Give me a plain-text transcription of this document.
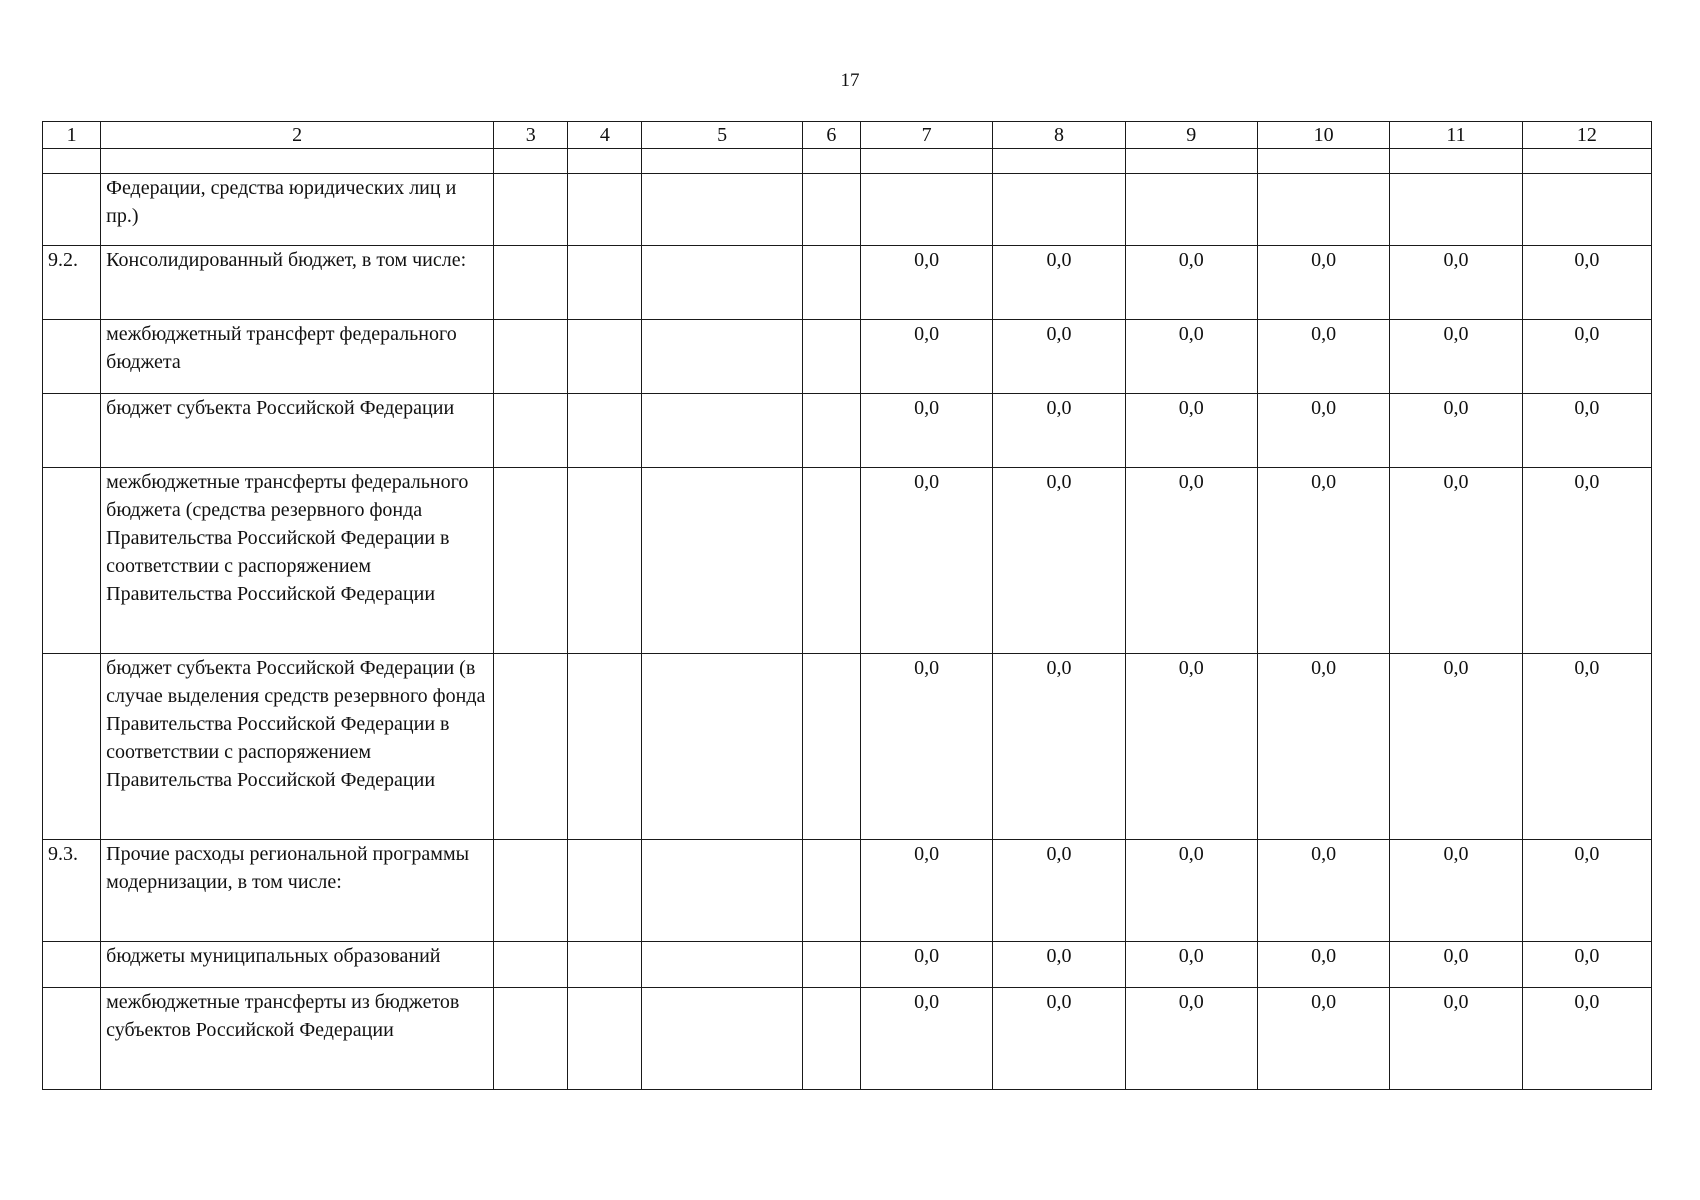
17
1	2	3	4	5	6	7	8	9	10	11	12

	Федерации, средства юридических лиц и пр.)										
9.2.	Консолидированный бюджет, в том числе:					0,0	0,0	0,0	0,0	0,0	0,0
	межбюджетный трансферт федерального бюджета					0,0	0,0	0,0	0,0	0,0	0,0
	бюджет субъекта Российской Федерации					0,0	0,0	0,0	0,0	0,0	0,0
	межбюджетные трансферты федерального бюджета (средства резервного фонда Правительства Российской Федерации в соответствии с распоряжением Правительства Российской Федерации					0,0	0,0	0,0	0,0	0,0	0,0
	бюджет субъекта Российской Федерации (в случае выделения средств резервного фонда Правительства Российской Федерации в соответствии с распоряжением Правительства Российской Федерации					0,0	0,0	0,0	0,0	0,0	0,0
9.3.	Прочие расходы региональной программы модернизации, в том числе:					0,0	0,0	0,0	0,0	0,0	0,0
	бюджеты муниципальных образований					0,0	0,0	0,0	0,0	0,0	0,0
	межбюджетные трансферты из бюджетов субъектов Российской Федерации					0,0	0,0	0,0	0,0	0,0	0,0
